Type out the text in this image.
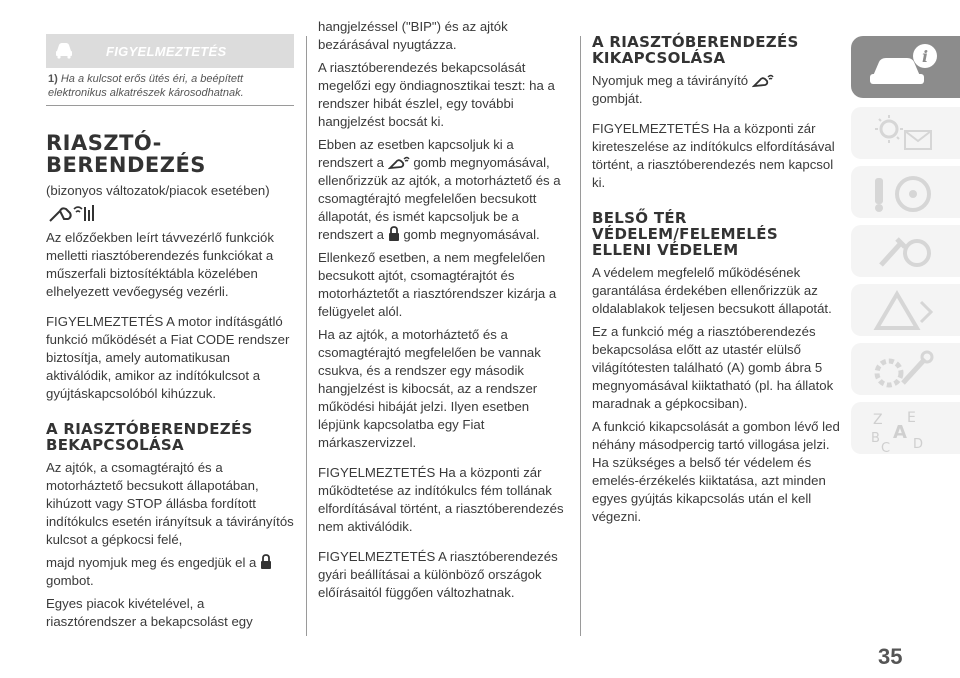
FIGYELMEZTETÉS
1) Ha a kulcsot erős ütés éri, a beépített elektronikus alkatrészek károsodhatnak.
RIASZTÓ-
BERENDEZÉS

(bizonyos változatok/piacok esetében)

Az előzőekben leírt távvezérlő funkciók melletti riasztóberendezés funkciókat a műszerfali biztosítéktábla közelében elhelyezett vevőegység vezérli.

FIGYELMEZTETÉS A motor indításgátló funkció működését a Fiat CODE rendszer biztosítja, amely automatikusan aktiválódik, amikor az indítókulcsot a gyújtáskapcsolóból kihúzzuk.

A RIASZTÓBERENDEZÉS BEKAPCSOLÁSA

Az ajtók, a csomagtérajtó és a motorháztető becsukott állapotában, kihúzott vagy STOP állásba fordított indítókulcs esetén irányítsuk a távirányítós kulcsot a gépkocsi felé,

majd nyomjuk meg és engedjük el a  gombot.

Egyes piacok kivételével, a riasztórendszer a bekapcsolást egy

hangjelzéssel ("BIP") és az ajtók bezárásával nyugtázza.

A riasztóberendezés bekapcsolását megelőzi egy öndiagnosztikai teszt: ha a rendszer hibát észlel, egy további hangjelzést bocsát ki.

Ebben az esetben kapcsoljuk ki a rendszert a gomb megnyomásával, ellenőrizzük az ajtók, a motorháztető és a csomagtérajtó megfelelően becsukott állapotát, és ismét kapcsoljuk be a rendszert a gomb megnyomásával.

Ellenkező esetben, a nem megfelelően becsukott ajtót, csomagtérajtót és motorháztetőt a riasztórendszer kizárja a felügyelet alól.

Ha az ajtók, a motorháztető és a csomagtérajtó megfelelően be vannak csukva, és a rendszer egy második hangjelzést is kibocsát, az a rendszer működési hibáját jelzi. Ilyen esetben lépjünk kapcsolatba egy Fiat márkaszervizzel.

FIGYELMEZTETÉS Ha a központi zár működtetése az indítókulcs fém tollának elfordításával történt, a riasztóberendezés nem aktiválódik.

FIGYELMEZTETÉS A riasztóberendezés gyári beállításai a különböző országok előírásaitól függően változhatnak.

A RIASZTÓBERENDEZÉS KIKAPCSOLÁSA

Nyomjuk meg a távirányító
gombját.

FIGYELMEZTETÉS Ha a központi zár kireteszelése az indítókulcs elfordításával történt, a riasztóberendezés nem kapcsol ki.

BELSŐ TÉR VÉDELEM/FELEMELÉS ELLENI VÉDELEM

A védelem megfelelő működésének garantálása érdekében ellenőrizzük az oldalablakok teljesen becsukott állapotát.

Ez a funkció még a riasztóberendezés bekapcsolása előtt az utastér elülső világítótesten található (A) gomb ábra 5 megnyomásával kiiktatható (pl. ha állatok maradnak a gépkocsiban).

A funkció kikapcsolását a gombon lévő led néhány másodpercig tartó villogása jelzi. Ha szükséges a belső tér védelem és emelés-érzékelés kiiktatása, azt minden egyes gyújtás kikapcsolás után el kell végezni.

i
Z E
A
B
C D
35
